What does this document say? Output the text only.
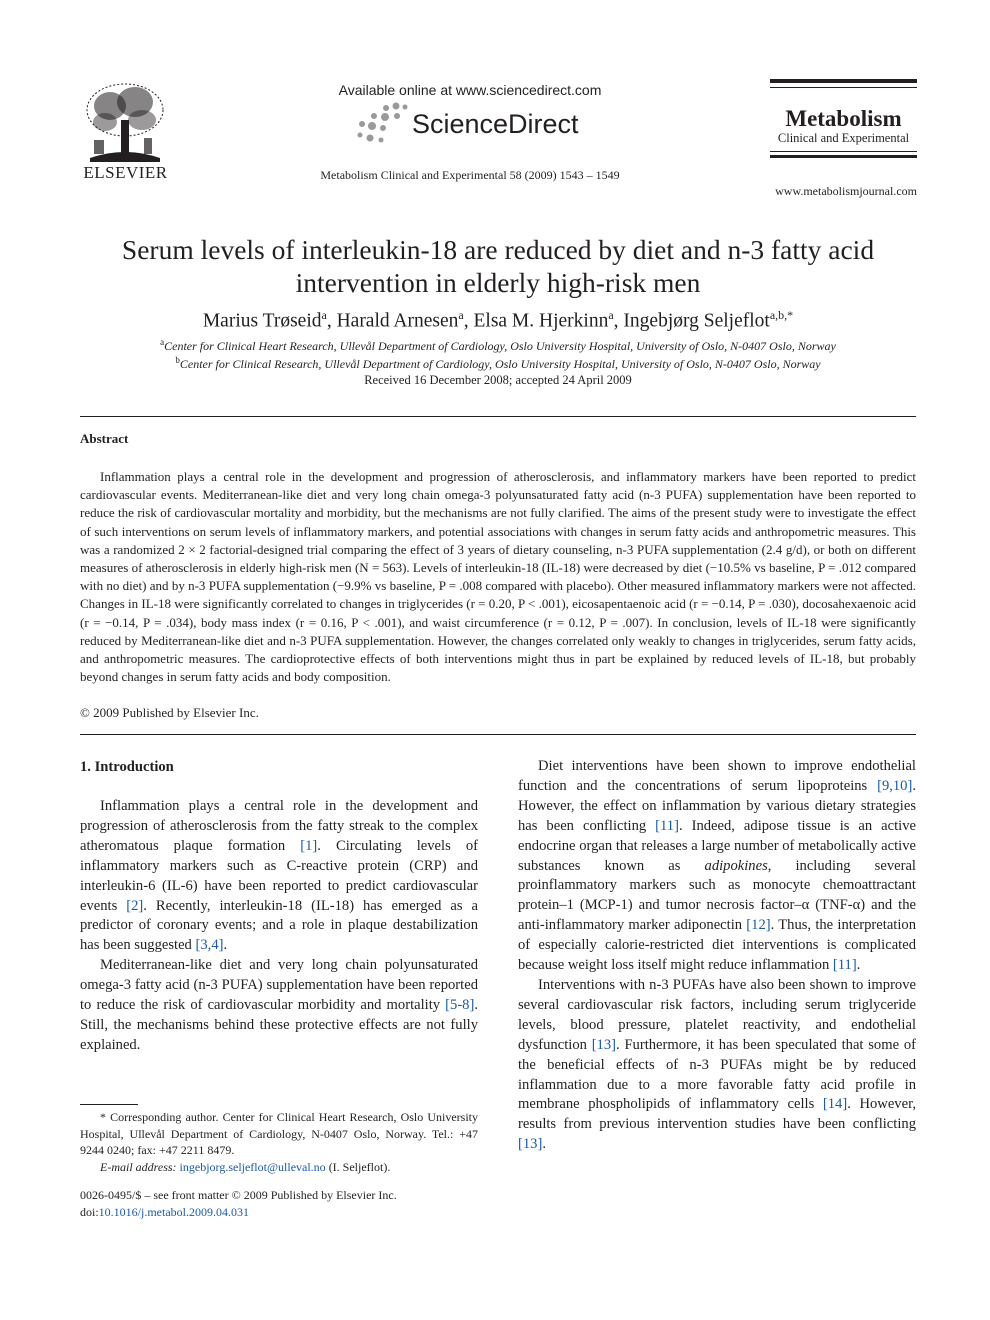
ELSEVIER
Available online at www.sciencedirect.com
ScienceDirect
Metabolism Clinical and Experimental 58 (2009) 1543 – 1549
Metabolism
Clinical and Experimental
www.metabolismjournal.com
Serum levels of interleukin-18 are reduced by diet and n-3 fatty acid
intervention in elderly high-risk men
Marius Trøseid$^a$, Harald Arnesen$^a$, Elsa M. Hjerkinn$^a$, Ingebjørg Seljeflot$^{a,b,*}$
$^a$Center for Clinical Heart Research, Ullevål Department of Cardiology, Oslo University Hospital, University of Oslo, N-0407 Oslo, Norway
$^b$Center for Clinical Research, Ullevål Department of Cardiology, Oslo University Hospital, University of Oslo, N-0407 Oslo, Norway
Received 16 December 2008; accepted 24 April 2009
Abstract
Inflammation plays a central role in the development and progression of atherosclerosis, and inflammatory markers have been reported to predict cardiovascular events. Mediterranean-like diet and very long chain omega-3 polyunsaturated fatty acid (n-3 PUFA) supplementation have been reported to reduce the risk of cardiovascular mortality and morbidity, but the mechanisms are not fully clarified. The aims of the present study were to investigate the effect of such interventions on serum levels of inflammatory markers, and potential associations with changes in serum fatty acids and anthropometric measures. This was a randomized 2 × 2 factorial-designed trial comparing the effect of 3 years of dietary counseling, n-3 PUFA supplementation (2.4 g/d), or both on different measures of atherosclerosis in elderly high-risk men (N = 563). Levels of interleukin-18 (IL-18) were decreased by diet (−10.5% vs baseline, P = .012 compared with no diet) and by n-3 PUFA supplementation (−9.9% vs baseline, P = .008 compared with placebo). Other measured inflammatory markers were not affected. Changes in IL-18 were significantly correlated to changes in triglycerides (r = 0.20, P < .001), eicosapentaenoic acid (r = −0.14, P = .030), docosahexaenoic acid (r = −0.14, P = .034), body mass index (r = 0.16, P < .001), and waist circumference (r = 0.12, P = .007). In conclusion, levels of IL-18 were significantly reduced by Mediterranean-like diet and n-3 PUFA supplementation. However, the changes correlated only weakly to changes in triglycerides, serum fatty acids, and anthropometric measures. The cardioprotective effects of both interventions might thus in part be explained by reduced levels of IL-18, but probably beyond changes in serum fatty acids and body composition.
© 2009 Published by Elsevier Inc.
1. Introduction

Inflammation plays a central role in the development and progression of atherosclerosis from the fatty streak to the complex atheromatous plaque formation [1]. Circulating levels of inflammatory markers such as C-reactive protein (CRP) and interleukin-6 (IL-6) have been reported to predict cardiovascular events [2]. Recently, interleukin-18 (IL-18) has emerged as a predictor of coronary events; and a role in plaque destabilization has been suggested [3,4].

Mediterranean-like diet and very long chain polyunsaturated omega-3 fatty acid (n-3 PUFA) supplementation have been reported to reduce the risk of cardiovascular morbidity and mortality [5-8]. Still, the mechanisms behind these protective effects are not fully explained.

Diet interventions have been shown to improve endothelial function and the concentrations of serum lipoproteins [9,10]. However, the effect on inflammation by various dietary strategies has been conflicting [11]. Indeed, adipose tissue is an active endocrine organ that releases a large number of metabolically active substances known as adipokines, including several proinflammatory markers such as monocyte chemoattractant protein–1 (MCP-1) and tumor necrosis factor–α (TNF-α) and the anti-inflammatory marker adiponectin [12]. Thus, the interpretation of especially calorie-restricted diet interventions is complicated because weight loss itself might reduce inflammation [11].

Interventions with n-3 PUFAs have also been shown to improve several cardiovascular risk factors, including serum triglyceride levels, blood pressure, platelet reactivity, and endothelial dysfunction [13]. Furthermore, it has been speculated that some of the beneficial effects of n-3 PUFAs might be by reduced inflammation due to a more favorable fatty acid profile in membrane phospholipids of inflammatory cells [14]. However, results from previous intervention studies have been conflicting [13].

* Corresponding author. Center for Clinical Heart Research, Oslo University Hospital, Ullevål Department of Cardiology, N-0407 Oslo, Norway. Tel.: +47 9244 0240; fax: +47 2211 8479.

E-mail address: ingebjorg.seljeflot@ulleval.no (I. Seljeflot).

0026-0495/$ – see front matter © 2009 Published by Elsevier Inc.
doi:10.1016/j.metabol.2009.04.031
